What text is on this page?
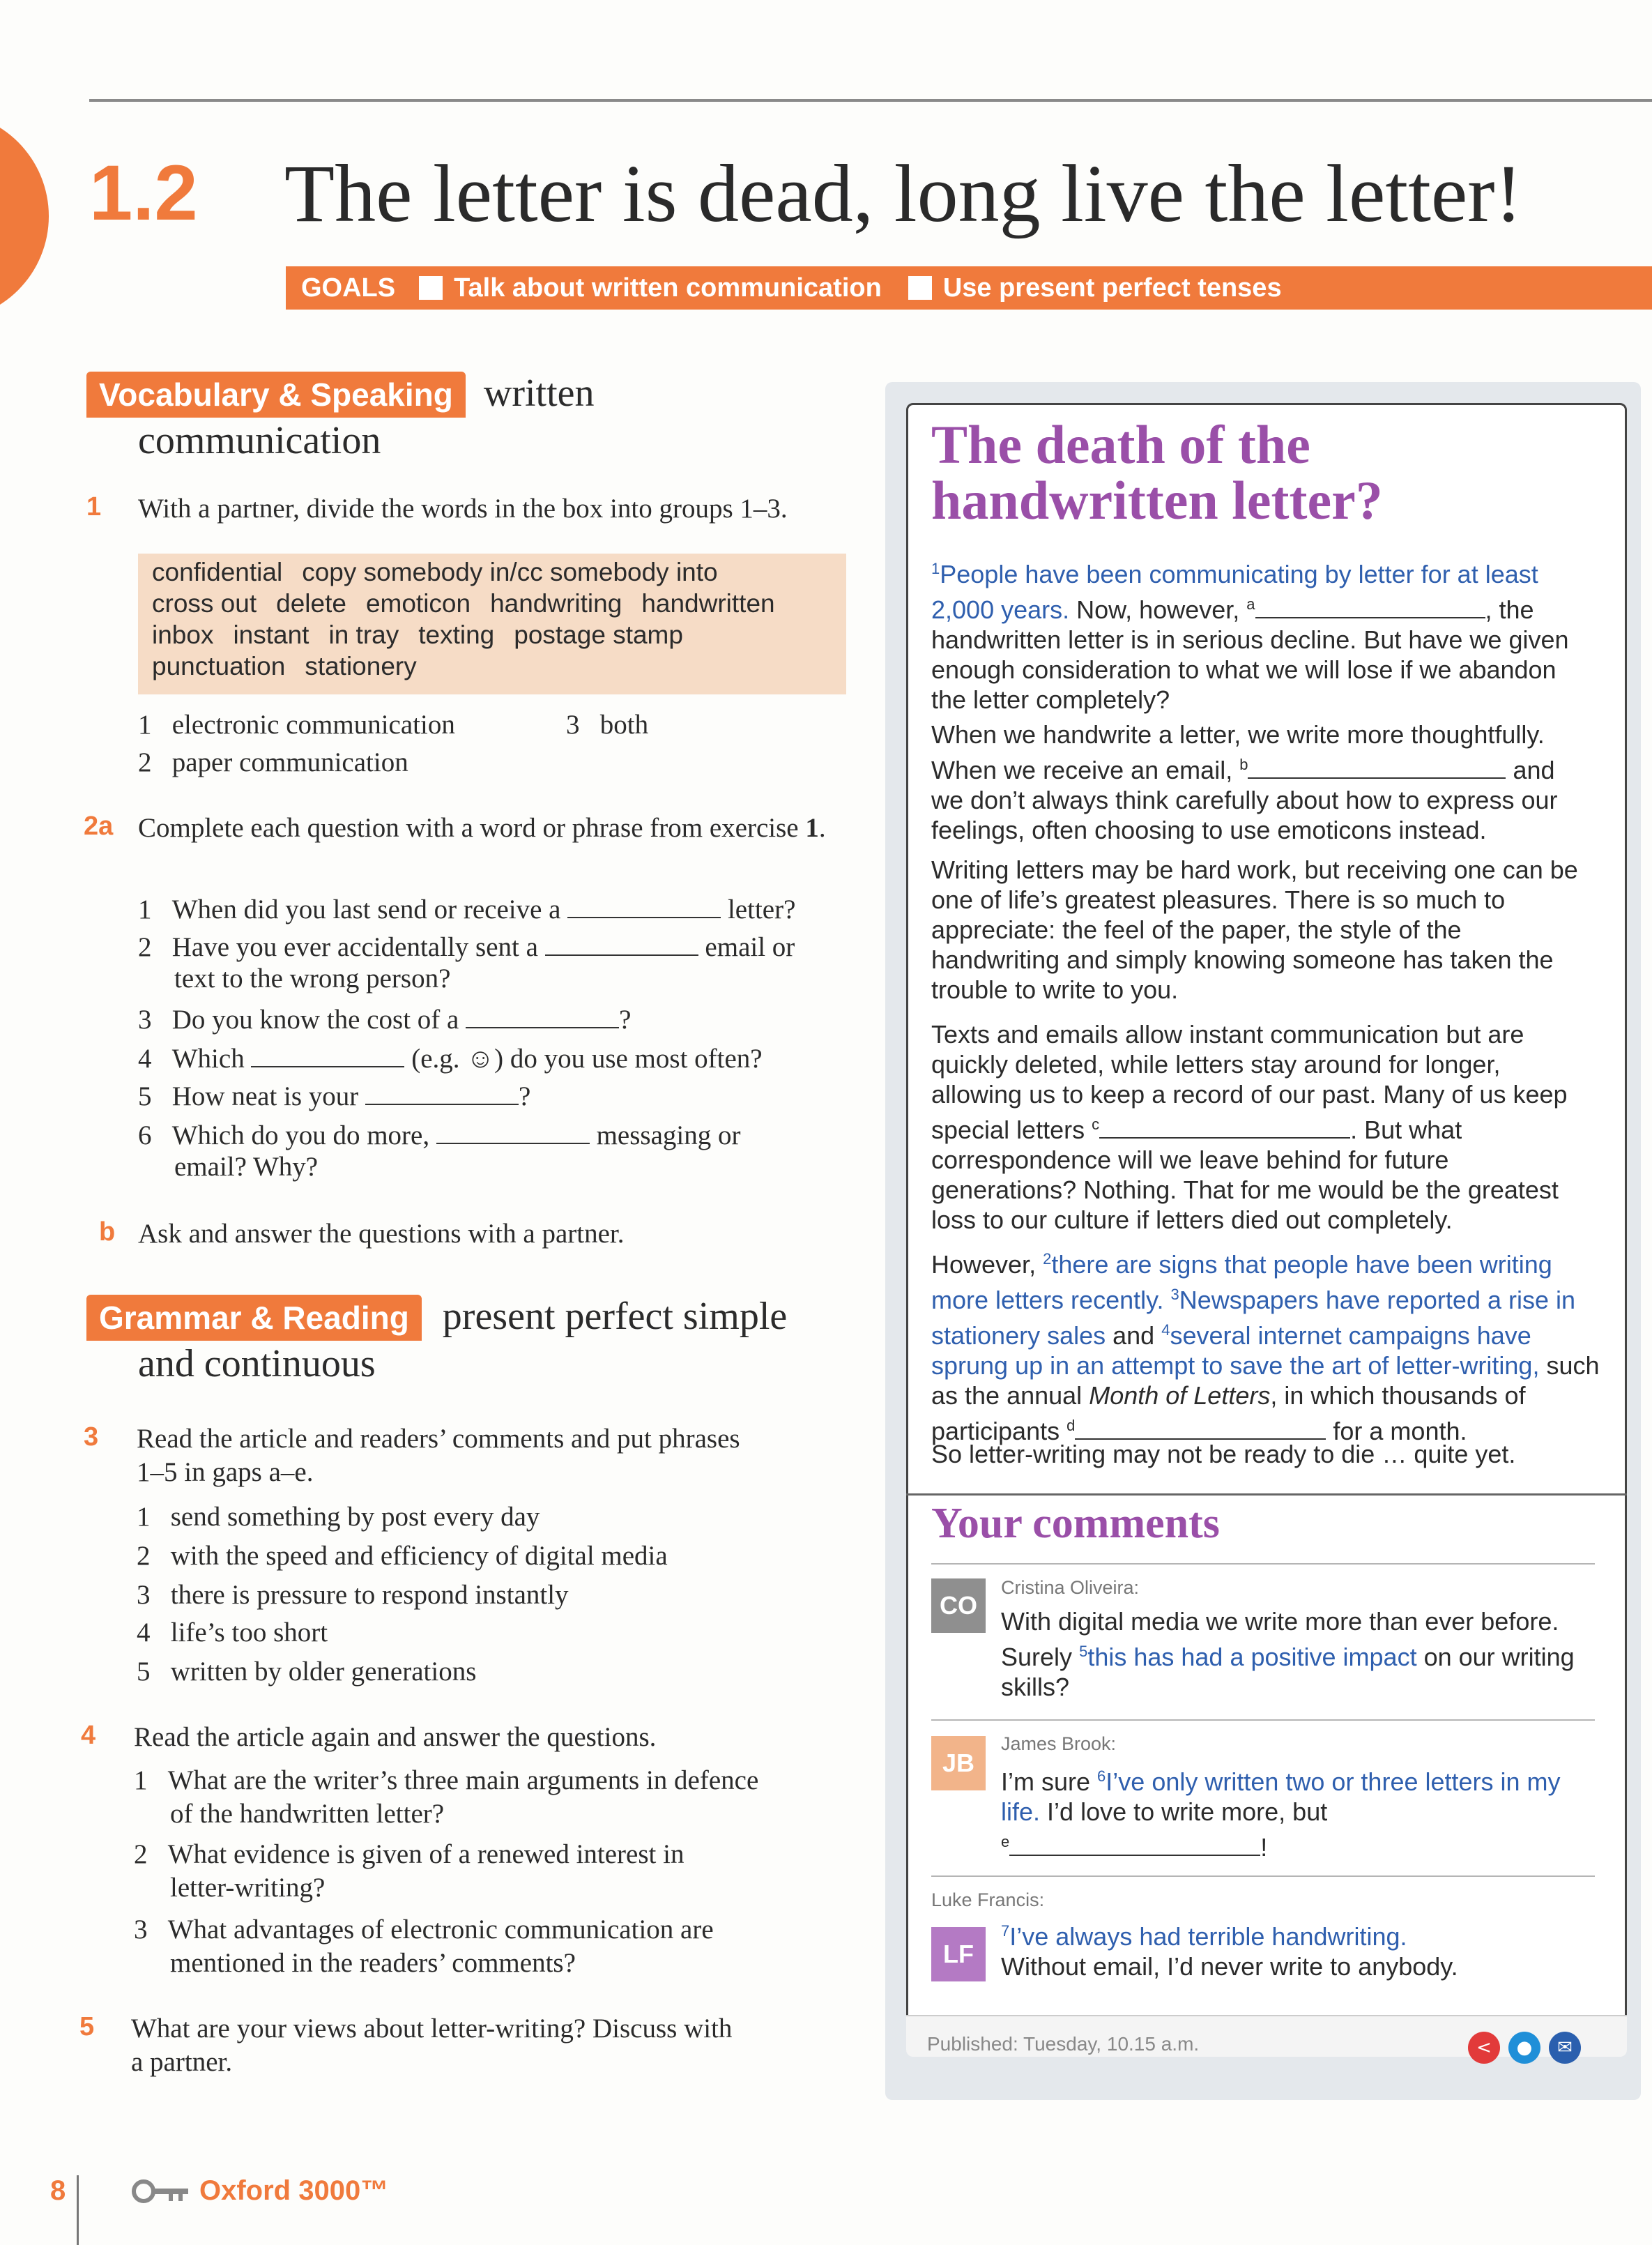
1.2 The letter is dead, long live the letter!
GOALS Talk about written communication Use present perfect tenses
Vocabulary & Speaking written
communication
1 With a partner, divide the words in the box into groups 1–3.
confidential copy somebody in/cc somebody into
cross out delete emoticon handwriting handwritten
inbox instant in tray texting postage stamp
punctuation stationery
1 electronic communication	3 both
2 paper communication
2a Complete each question with a word or phrase from exercise 1.
1 When did you last send or receive a	letter?
2 Have you ever accidentally sent a	email or
text to the wrong person?
3 Do you know the cost of a	?
4 Which	(e.g. ☺) do you use most often?
5 How neat is your	?
6 Which do you do more,	messaging or
email? Why?
b Ask and answer the questions with a partner.
Grammar & Reading present perfect simple
and continuous
3 Read the article and readers’ comments and put phrases
1–5 in gaps a–e.
1 send something by post every day
2 with the speed and efficiency of digital media
3 there is pressure to respond instantly
4 life’s too short
5 written by older generations
4 Read the article again and answer the questions.
1   What are the writer’s three main arguments in defence
of the handwritten letter?
2   What evidence is given of a renewed interest in
letter-writing?
3   What advantages of electronic communication are
mentioned in the readers’ comments?
5 What are your views about letter-writing? Discuss with
a partner.
The death of the handwritten letter?
$^1$People have been communicating by letter for at least 2,000 years. Now, however, $^a$	, the handwritten letter is in serious decline. But have we given enough consideration to what we will lose if we abandon the letter completely?
When we handwrite a letter, we write more thoughtfully. When we receive an email, $^b$	and we don’t always think carefully about how to express our feelings, often choosing to use emoticons instead.
Writing letters may be hard work, but receiving one can be one of life’s greatest pleasures. There is so much to appreciate: the feel of the paper, the style of the handwriting and simply knowing someone has taken the trouble to write to you.
Texts and emails allow instant communication but are quickly deleted, while letters stay around for longer, allowing us to keep a record of our past. Many of us keep special letters $^c$	. But what correspondence will we leave behind for future generations? Nothing. That for me would be the greatest loss to our culture if letters died out completely.
However, $^2$there are signs that people have been writing more letters recently. $^3$Newspapers have reported a rise in stationery sales and $^4$several internet campaigns have sprung up in an attempt to save the art of letter-writing, such as the annual Month of Letters, in which thousands of participants $^d$	for a month.
So letter-writing may not be ready to die … quite yet.
Your comments
Cristina Oliveira:
CO
With digital media we write more than ever before. Surely $^5$this has had a positive impact on our writing skills?
James Brook:
JB
I’m sure $^6$I’ve only written two or three letters in my life. I’d love to write more, but
$^e$	!
Luke Francis:
LF
$^7$I’ve always had terrible handwriting.
Without email, I’d never write to anybody.
Published: Tuesday, 10.15 a.m.	<	●	✉
8	Oxford 3000™
